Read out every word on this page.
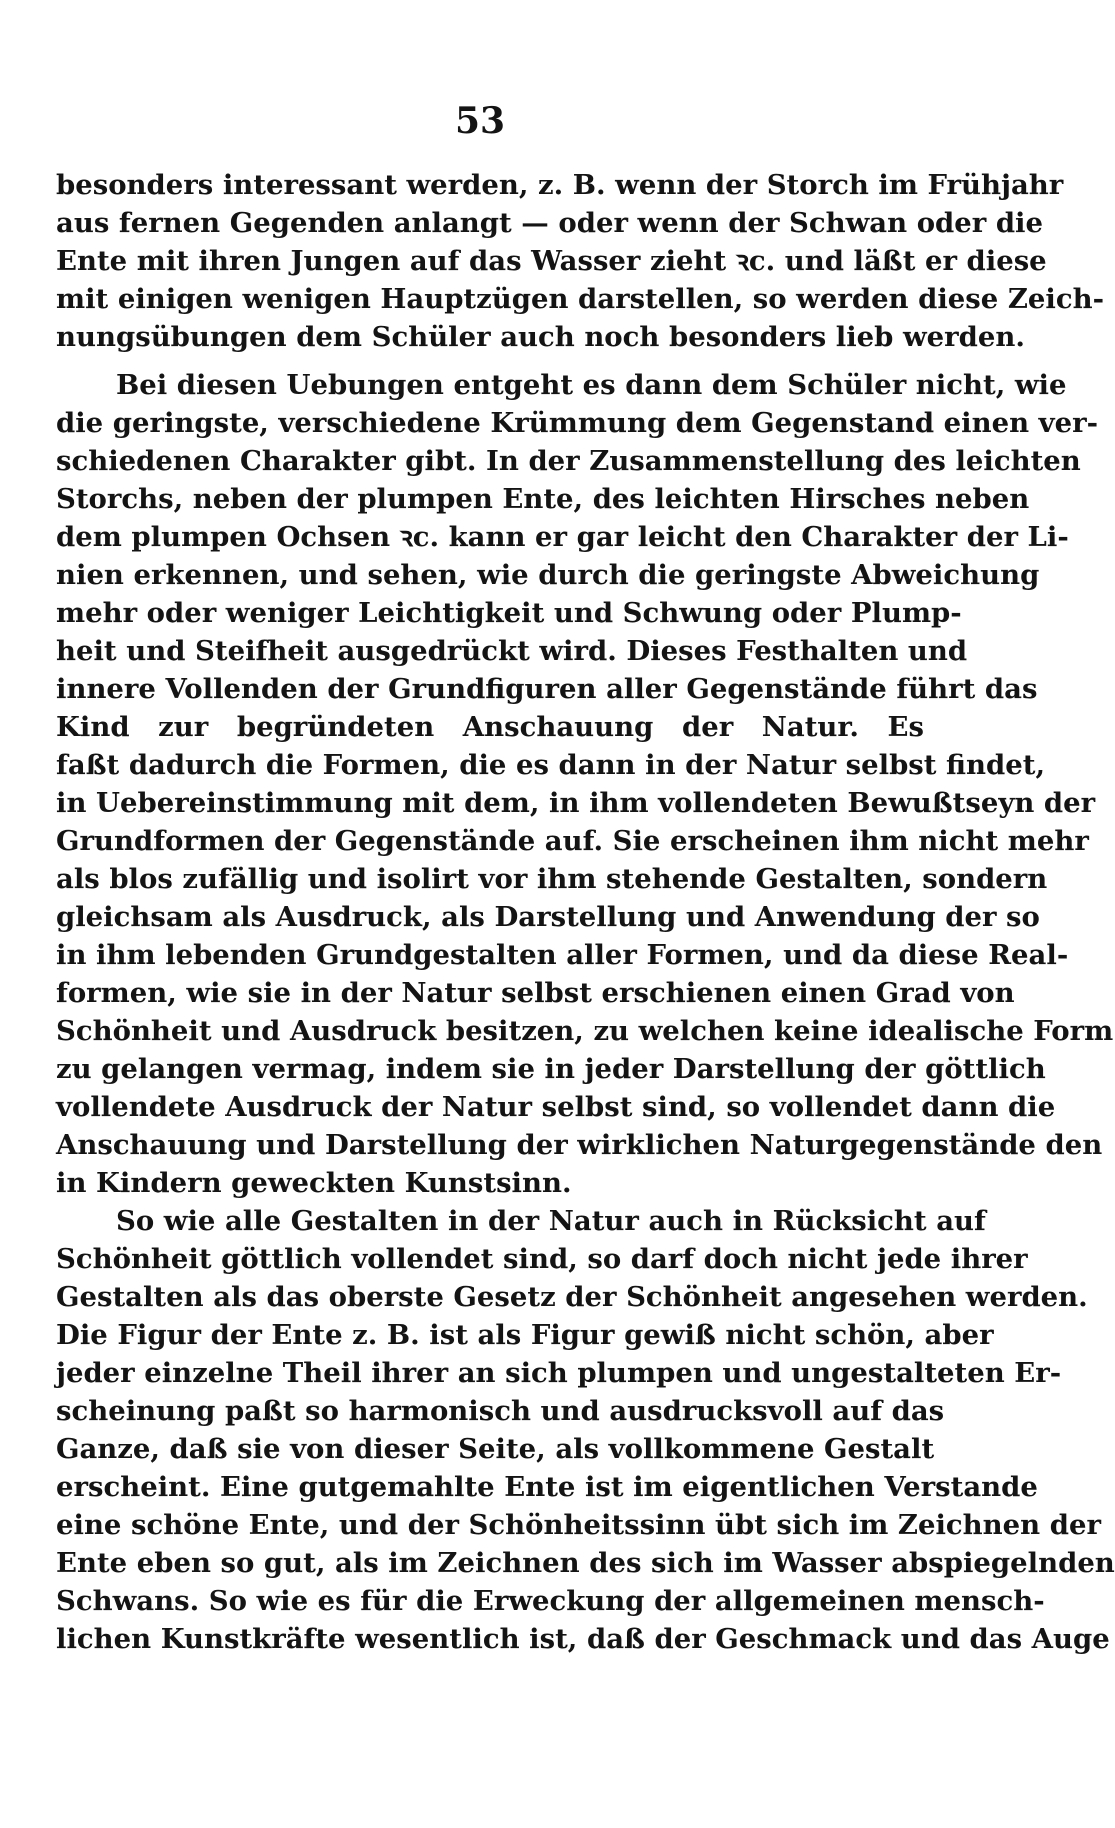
53
besonders interessant werden, z. B. wenn der Storch im Frühjahr
aus fernen Gegenden anlangt — oder wenn der Schwan oder die
Ente mit ihren Jungen auf das Wasser zieht ꝛc. und läßt er diese
mit einigen wenigen Hauptzügen darstellen, so werden diese Zeich-
nungsübungen dem Schüler auch noch besonders lieb werden.
Bei diesen Uebungen entgeht es dann dem Schüler nicht, wie
die geringste, verschiedene Krümmung dem Gegenstand einen ver-
schiedenen Charakter gibt. In der Zusammenstellung des leichten
Storchs, neben der plumpen Ente, des leichten Hirsches neben
dem plumpen Ochsen ꝛc. kann er gar leicht den Charakter der Li-
nien erkennen, und sehen, wie durch die geringste Abweichung
mehr oder weniger Leichtigkeit und Schwung oder Plump-
heit und Steifheit ausgedrückt wird. Dieses Festhalten und
innere Vollenden der Grundfiguren aller Gegenstände führt das
Kind zur begründeten Anschauung der Natur. Es
faßt dadurch die Formen, die es dann in der Natur selbst findet,
in Uebereinstimmung mit dem, in ihm vollendeten Bewußtseyn der
Grundformen der Gegenstände auf. Sie erscheinen ihm nicht mehr
als blos zufällig und isolirt vor ihm stehende Gestalten, sondern
gleichsam als Ausdruck, als Darstellung und Anwendung der so
in ihm lebenden Grundgestalten aller Formen, und da diese Real-
formen, wie sie in der Natur selbst erschienen einen Grad von
Schönheit und Ausdruck besitzen, zu welchen keine idealische Form
zu gelangen vermag, indem sie in jeder Darstellung der göttlich
vollendete Ausdruck der Natur selbst sind, so vollendet dann die
Anschauung und Darstellung der wirklichen Naturgegenstände den
in Kindern geweckten Kunstsinn.
So wie alle Gestalten in der Natur auch in Rücksicht auf
Schönheit göttlich vollendet sind, so darf doch nicht jede ihrer
Gestalten als das oberste Gesetz der Schönheit angesehen werden.
Die Figur der Ente z. B. ist als Figur gewiß nicht schön, aber
jeder einzelne Theil ihrer an sich plumpen und ungestalteten Er-
scheinung paßt so harmonisch und ausdrucksvoll auf das
Ganze, daß sie von dieser Seite, als vollkommene Gestalt
erscheint. Eine gutgemahlte Ente ist im eigentlichen Verstande
eine schöne Ente, und der Schönheitssinn übt sich im Zeichnen der
Ente eben so gut, als im Zeichnen des sich im Wasser abspiegelnden
Schwans. So wie es für die Erweckung der allgemeinen mensch-
lichen Kunstkräfte wesentlich ist, daß der Geschmack und das Auge
